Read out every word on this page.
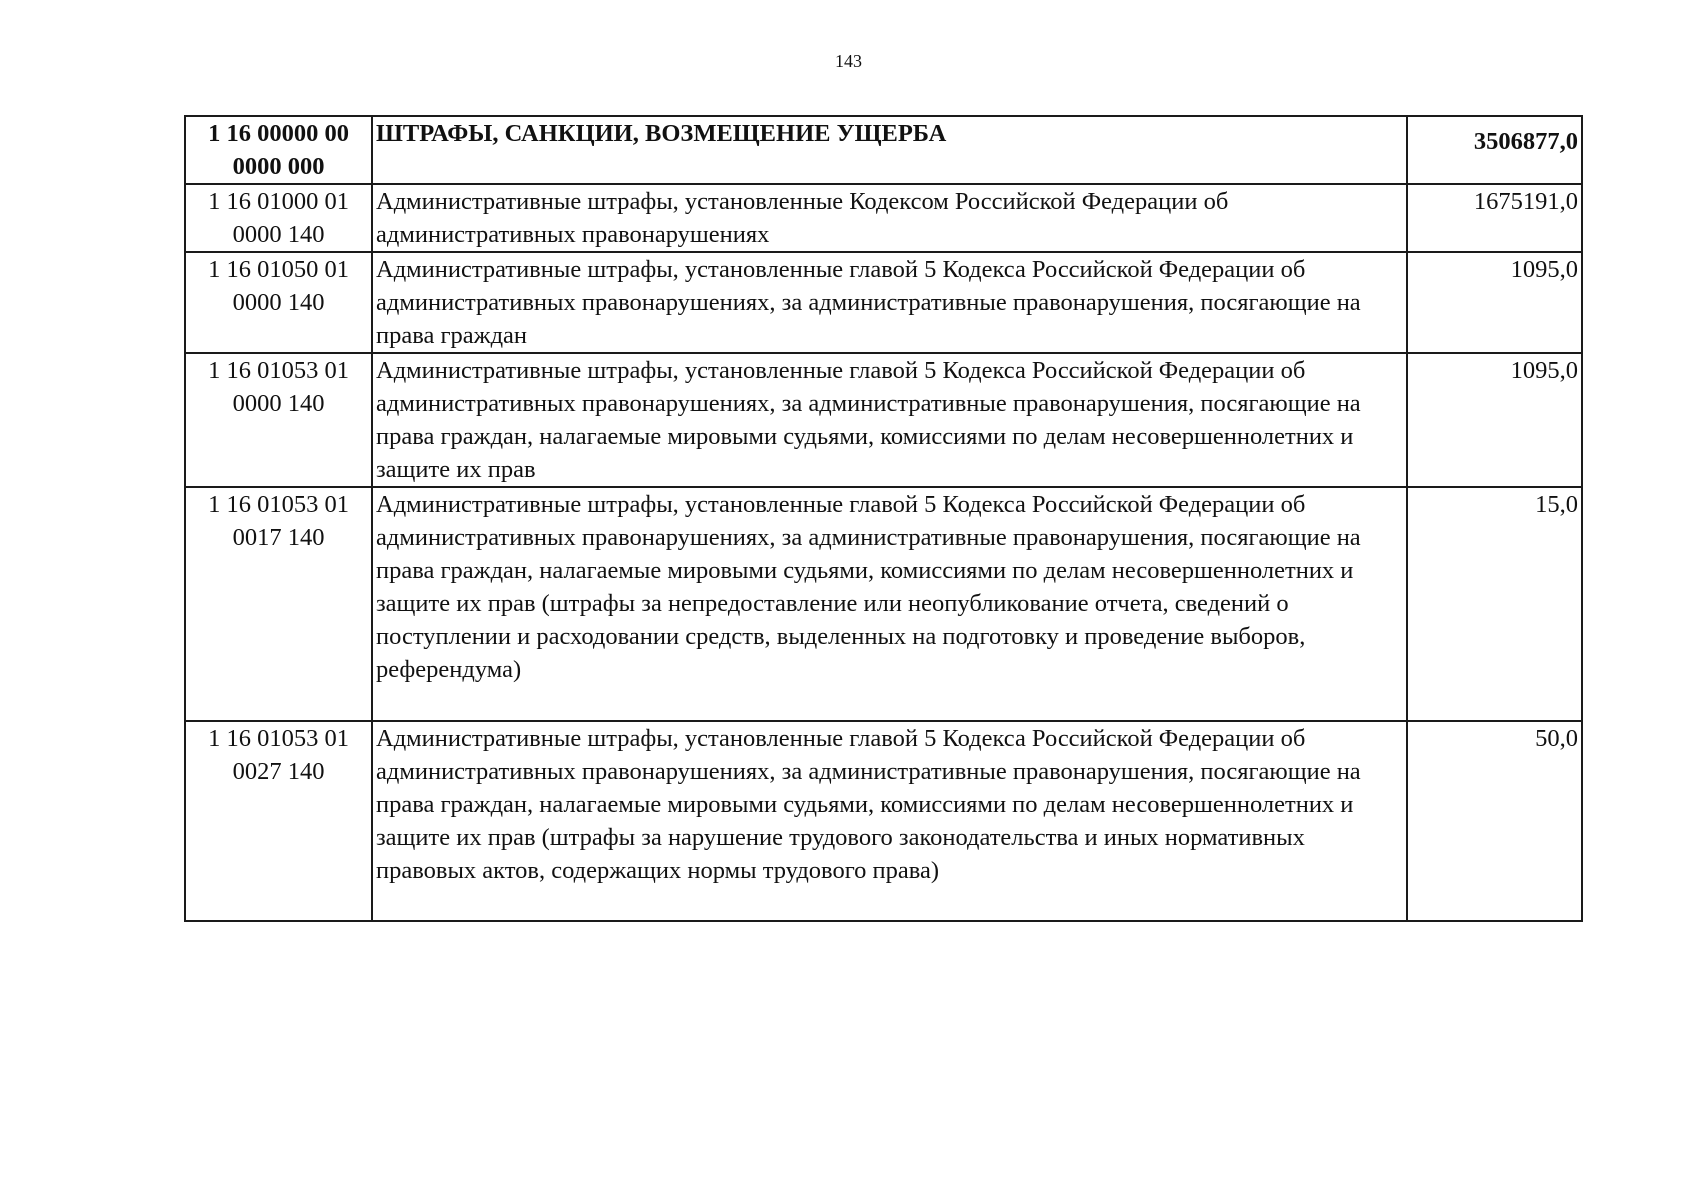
143
1 16 00000 00 0000 000	ШТРАФЫ, САНКЦИИ, ВОЗМЕЩЕНИЕ УЩЕРБА	3506877,0
1 16 01000 01 0000 140	Административные штрафы, установленные Кодексом Российской Федерации об административных правонарушениях	1675191,0
1 16 01050 01 0000 140	Административные штрафы, установленные главой 5 Кодекса Российской Федерации об административных правонарушениях, за административные правонарушения, посягающие на права граждан	1095,0
1 16 01053 01 0000 140	Административные штрафы, установленные главой 5 Кодекса Российской Федерации об административных правонарушениях, за административные правонарушения, посягающие на права граждан, налагаемые мировыми судьями, комиссиями по делам несовершеннолетних и защите их прав	1095,0
1 16 01053 01 0017 140	Административные штрафы, установленные главой 5 Кодекса Российской Федерации об административных правонарушениях, за административные правонарушения, посягающие на права граждан, налагаемые мировыми судьями, комиссиями по делам несовершеннолетних и защите их прав (штрафы за непредоставление или неопубликование отчета, сведений о поступлении и расходовании средств, выделенных на подготовку и проведение выборов, референдума)	15,0
1 16 01053 01 0027 140	Административные штрафы, установленные главой 5 Кодекса Российской Федерации об административных правонарушениях, за административные правонарушения, посягающие на права граждан, налагаемые мировыми судьями, комиссиями по делам несовершеннолетних и защите их прав (штрафы за нарушение трудового законодательства и иных нормативных правовых актов, содержащих нормы трудового права)	50,0
